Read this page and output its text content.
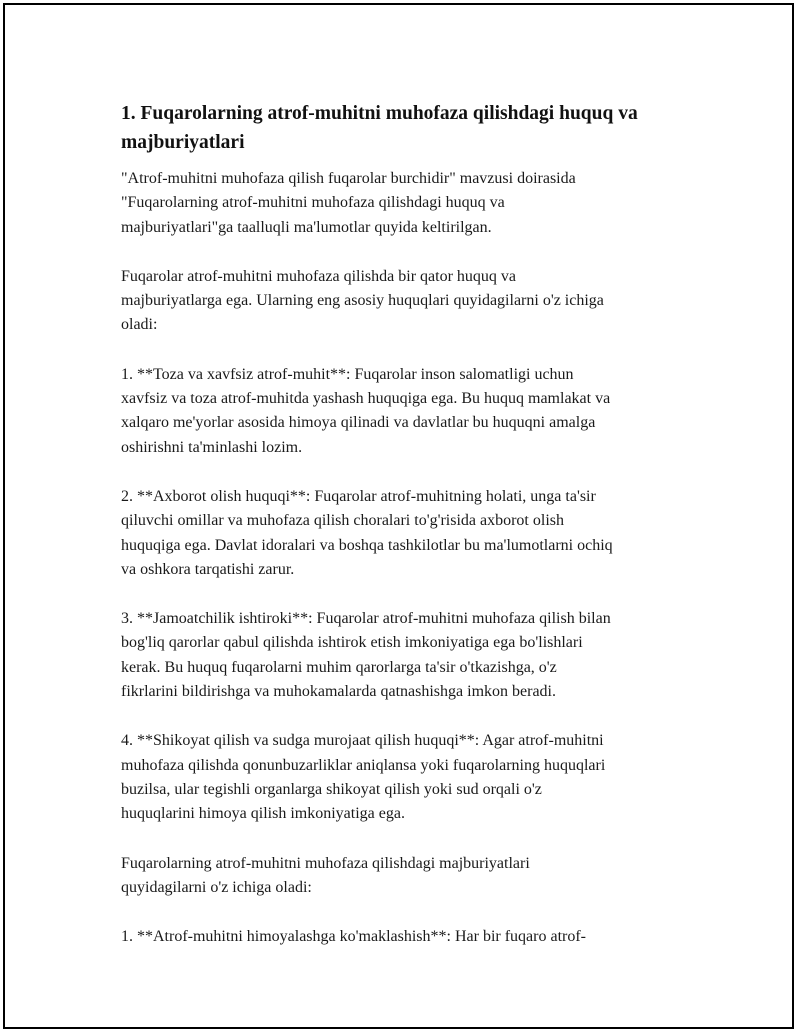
1. Fuqarolarning atrof-muhitni muhofaza qilishdagi huquq va majburiyatlari

"Atrof-muhitni muhofaza qilish fuqarolar burchidir" mavzusi doirasida
"Fuqarolarning atrof-muhitni muhofaza qilishdagi huquq va
majburiyatlari"ga taalluqli ma'lumotlar quyida keltirilgan.

Fuqarolar atrof-muhitni muhofaza qilishda bir qator huquq va
majburiyatlarga ega. Ularning eng asosiy huquqlari quyidagilarni o'z ichiga
oladi:

1. **Toza va xavfsiz atrof-muhit**: Fuqarolar inson salomatligi uchun
xavfsiz va toza atrof-muhitda yashash huquqiga ega. Bu huquq mamlakat va
xalqaro me'yorlar asosida himoya qilinadi va davlatlar bu huquqni amalga
oshirishni ta'minlashi lozim.

2. **Axborot olish huquqi**: Fuqarolar atrof-muhitning holati, unga ta'sir
qiluvchi omillar va muhofaza qilish choralari to'g'risida axborot olish
huquqiga ega. Davlat idoralari va boshqa tashkilotlar bu ma'lumotlarni ochiq
va oshkora tarqatishi zarur.

3. **Jamoatchilik ishtiroki**: Fuqarolar atrof-muhitni muhofaza qilish bilan
bog'liq qarorlar qabul qilishda ishtirok etish imkoniyatiga ega bo'lishlari
kerak. Bu huquq fuqarolarni muhim qarorlarga ta'sir o'tkazishga, o'z
fikrlarini bildirishga va muhokamalarda qatnashishga imkon beradi.

4. **Shikoyat qilish va sudga murojaat qilish huquqi**: Agar atrof-muhitni
muhofaza qilishda qonunbuzarliklar aniqlansa yoki fuqarolarning huquqlari
buzilsa, ular tegishli organlarga shikoyat qilish yoki sud orqali o'z
huquqlarini himoya qilish imkoniyatiga ega.

Fuqarolarning atrof-muhitni muhofaza qilishdagi majburiyatlari
quyidagilarni o'z ichiga oladi:

1. **Atrof-muhitni himoyalashga ko'maklashish**: Har bir fuqaro atrof-
